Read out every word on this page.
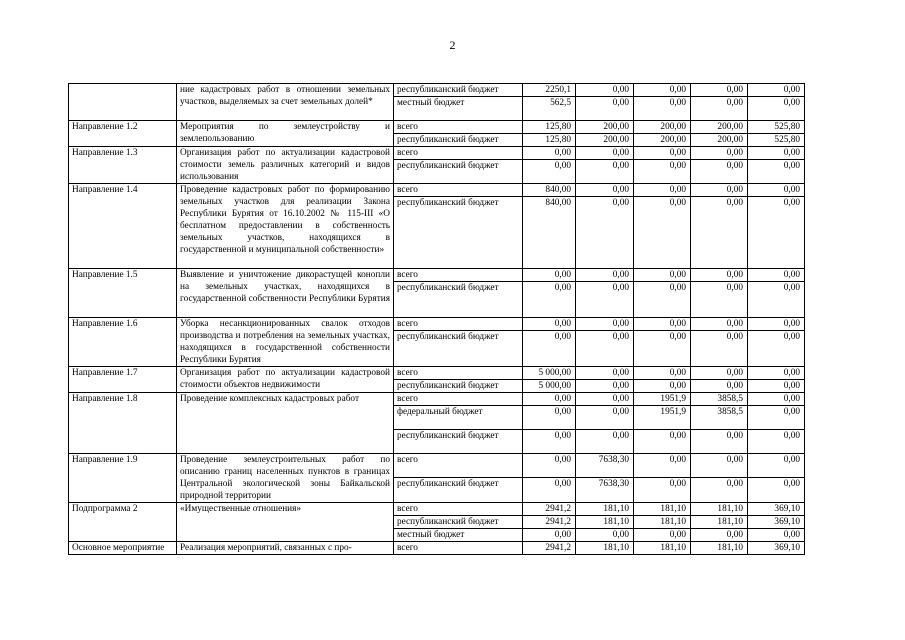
2
	ние кадастровых работ в отношении земельных участков, выделяемых за счет земельных долей*	республиканский бюджет	2250,1	0,00	0,00	0,00	0,00
		местный бюджет	562,5	0,00	0,00	0,00	0,00

Направление 1.2	Мероприятия по землеустройству и землепользованию	всего	125,80	200,00	200,00	200,00	525,80
		республиканский бюджет	125,80	200,00	200,00	200,00	525,80
Направление 1.3	Организация работ по актуализации кадастровой стоимости земель различных категорий и видов использования	всего	0,00	0,00	0,00	0,00	0,00
		республиканский бюджет	0,00	0,00	0,00	0,00	0,00

Направление 1.4	Проведение кадастровых работ по формированию земельных участков для реализации Закона Республики Бурятия от 16.10.2002 № 115-III «О бесплатном предоставлении в собственность земельных участков, находящихся в государственной и муниципальной собственности»	всего	840,00	0,00	0,00	0,00	0,00
		республиканский бюджет	840,00	0,00	0,00	0,00	0,00

Направление 1.5	Выявление и уничтожение дикорастущей конопли на земельных участках, находящихся в государственной собственности Республики Бурятия	всего	0,00	0,00	0,00	0,00	0,00
		республиканский бюджет	0,00	0,00	0,00	0,00	0,00

Направление 1.6	Уборка несанкционированных свалок отходов производства и потребления на земельных участках, находящихся в государственной собственности Республики Бурятия	всего	0,00	0,00	0,00	0,00	0,00
		республиканский бюджет	0,00	0,00	0,00	0,00	0,00

Направление 1.7	Организация работ по актуализации кадастровой стоимости объектов недвижимости	всего	5 000,00	0,00	0,00	0,00	0,00
		республиканский бюджет	5 000,00	0,00	0,00	0,00	0,00
Направление 1.8	Проведение комплексных кадастровых работ	всего	0,00	0,00	1951,9	3858,5	0,00
		федеральный бюджет	0,00	0,00	1951,9	3858,5	0,00

		республиканский бюджет	0,00	0,00	0,00	0,00	0,00

Направление 1.9	Проведение землеустроительных работ по описанию границ населенных пунктов в границах Центральной экологической зоны Байкальской природной территории	всего	0,00	7638,30	0,00	0,00	0,00

		республиканский бюджет	0,00	7638,30	0,00	0,00	0,00

Подпрограмма 2	«Имущественные отношения»	всего	2941,2	181,10	181,10	181,10	369,10
		республиканский бюджет	2941,2	181,10	181,10	181,10	369,10
		местный бюджет	0,00	0,00	0,00	0,00	0,00
Основное мероприятие	Реализация мероприятий, связанных с про-	всего	2941,2	181,10	181,10	181,10	369,10
